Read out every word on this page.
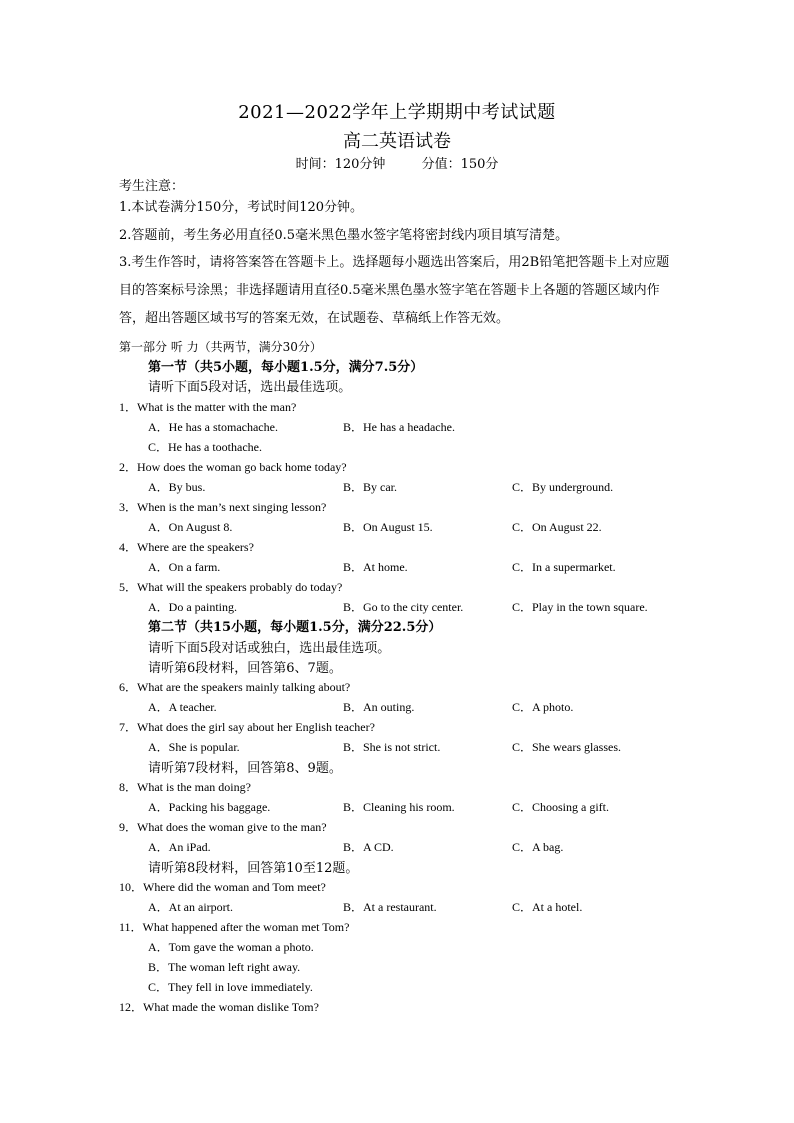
2021—2022学年上学期期中考试试题
高二英语试卷
时间：120分钟	分值：150分
考生注意：
1.本试卷满分150分，考试时间120分钟。
2.答题前，考生务必用直径0.5毫米黑色墨水签字笔将密封线内项目填写清楚。
3.考生作答时，请将答案答在答题卡上。选择题每小题选出答案后，用2B铅笔把答题卡上对应题目的答案标号涂黑；非选择题请用直径0.5毫米黑色墨水签字笔在答题卡上各题的答题区域内作答，超出答题区域书写的答案无效，在试题卷、草稿纸上作答无效。
第一部分 听 力（共两节，满分30分）
第一节（共5小题，每小题1.5分，满分7.5分）
请听下面5段对话，选出最佳选项。
1．What is the matter with the man?
A．He has a stomachache.	B．He has a headache.
C．He has a toothache.
2．How does the woman go back home today?
A．By bus.	B．By car.	C．By underground.
3．When is the man’s next singing lesson?
A．On August 8.	B．On August 15.	C．On August 22.
4．Where are the speakers?
A．On a farm.	B．At home.	C．In a supermarket.
5．What will the speakers probably do today?
A．Do a painting.	B．Go to the city center.	C．Play in the town square.
第二节（共15小题，每小题1.5分，满分22.5分）
请听下面5段对话或独白，选出最佳选项。
请听第6段材料，回答第6、7题。
6．What are the speakers mainly talking about?
A．A teacher.	B．An outing.	C．A photo.
7．What does the girl say about her English teacher?
A．She is popular.	B．She is not strict.	C．She wears glasses.
请听第7段材料，回答第8、9题。
8．What is the man doing?
A．Packing his baggage.	B．Cleaning his room.	C．Choosing a gift.
9．What does the woman give to the man?
A．An iPad.	B．A CD.	C．A bag.
请听第8段材料，回答第10至12题。
10．Where did the woman and Tom meet?
A．At an airport.	B．At a restaurant.	C．At a hotel.
11．What happened after the woman met Tom?
A．Tom gave the woman a photo.
B．The woman left right away.
C．They fell in love immediately.
12．What made the woman dislike Tom?
